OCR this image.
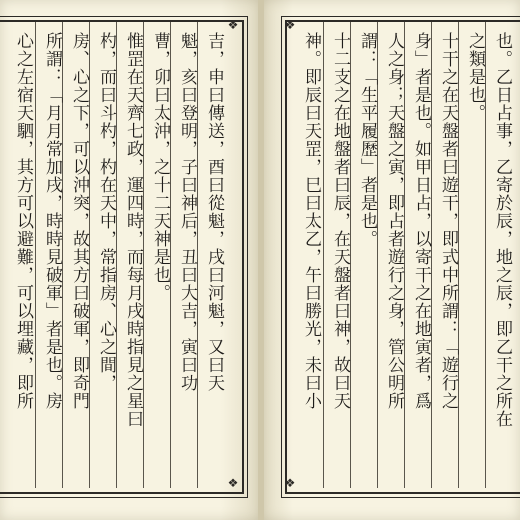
❖
❖
❖
❖
吉，申曰傳送，酉曰從魁，戌曰河魁，又曰天
魁，亥曰登明，子曰神后，丑曰大吉，寅曰功
曹，卯曰太沖，之十二天神是也。
惟罡在天齊七政，運四時，而每月戌時指見之星曰
杓，而曰斗杓，杓在天中，常指房、心之間，
房、心之下，可以沖突，故其方曰破軍，即奇門
所謂：「月月常加戌，時時見破軍」者是也。房
心之左宿天駟，其方可以避難，可以埋藏，即所	也。乙日占事，乙寄於辰，地之辰，即乙干之所在
之類是也。
十干之在天盤者曰遊干，即式中所謂：「遊行之
身」者是也。如甲日占，以寄干之在地寅者，爲
人之身；天盤之寅，即占者遊行之身，管公明所
謂：「生平履歷」者是也。
十二支之在地盤者曰辰，在天盤者曰神，故曰天
神。即辰曰天罡，巳曰太乙，午曰勝光，未曰小
